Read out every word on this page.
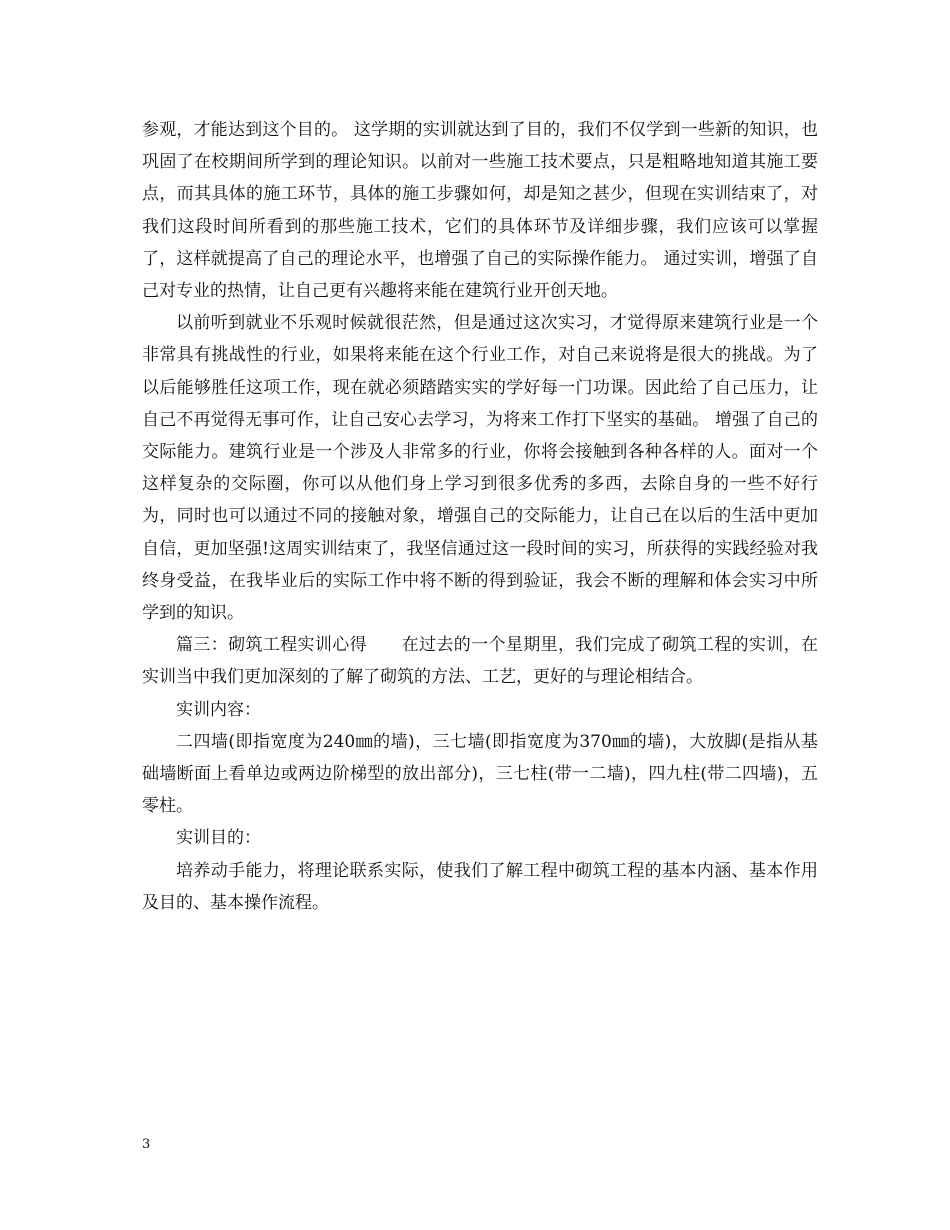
参观，才能达到这个目的。 这学期的实训就达到了目的，我们不仅学到一些新的知识，也巩固了在校期间所学到的理论知识。以前对一些施工技术要点，只是粗略地知道其施工要点，而其具体的施工环节，具体的施工步骤如何，却是知之甚少，但现在实训结束了，对我们这段时间所看到的那些施工技术，它们的具体环节及详细步骤，我们应该可以掌握了，这样就提高了自己的理论水平，也增强了自己的实际操作能力。 通过实训，增强了自己对专业的热情，让自己更有兴趣将来能在建筑行业开创天地。

以前听到就业不乐观时候就很茫然，但是通过这次实习，才觉得原来建筑行业是一个非常具有挑战性的行业，如果将来能在这个行业工作，对自己来说将是很大的挑战。为了以后能够胜任这项工作，现在就必须踏踏实实的学好每一门功课。因此给了自己压力，让自己不再觉得无事可作，让自己安心去学习，为将来工作打下坚实的基础。 增强了自己的交际能力。建筑行业是一个涉及人非常多的行业，你将会接触到各种各样的人。面对一个这样复杂的交际圈，你可以从他们身上学习到很多优秀的多西，去除自身的一些不好行为，同时也可以通过不同的接触对象，增强自己的交际能力，让自己在以后的生活中更加自信，更加坚强!这周实训结束了，我坚信通过这一段时间的实习，所获得的实践经验对我终身受益，在我毕业后的实际工作中将不断的得到验证，我会不断的理解和体会实习中所学到的知识。

篇三：砌筑工程实训心得　　在过去的一个星期里，我们完成了砌筑工程的实训，在实训当中我们更加深刻的了解了砌筑的方法、工艺，更好的与理论相结合。

实训内容：

二四墙(即指宽度为240㎜的墙)，三七墙(即指宽度为370㎜的墙)，大放脚(是指从基础墙断面上看单边或两边阶梯型的放出部分)，三七柱(带一二墙)，四九柱(带二四墙)，五零柱。

实训目的：

培养动手能力，将理论联系实际，使我们了解工程中砌筑工程的基本内涵、基本作用及目的、基本操作流程。

3
